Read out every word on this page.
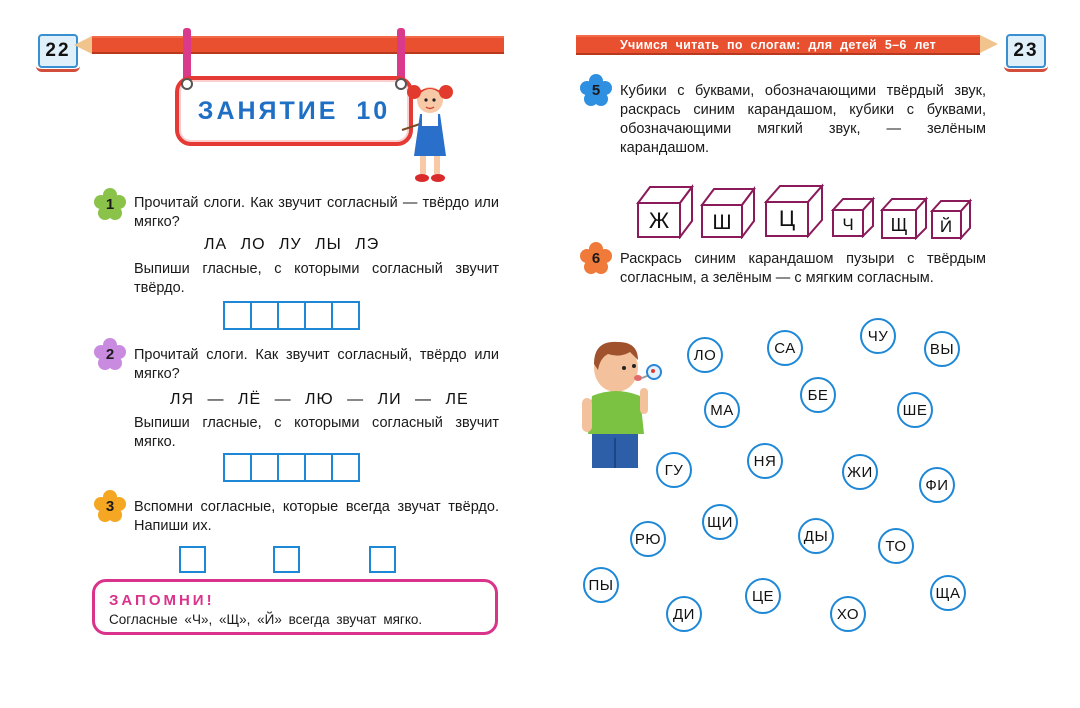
22
ЗАНЯТИЕ 10
1	Прочитай слоги. Как звучит согласный — твёрдо или мягко?
ЛА ЛО ЛУ ЛЫ ЛЭ
Выпиши гласные, с которыми согласный звучит твёрдо.
2	Прочитай слоги. Как звучит согласный, твёрдо или мягко?
ЛЯ — ЛЁ — ЛЮ — ЛИ — ЛЕ
Выпиши гласные, с которыми согласный звучит мягко.
3	Вспомни согласные, которые всегда звучат твёрдо. Напиши их.
ЗАПОМНИ!
Согласные «Ч», «Щ», «Й» всегда звучат мягко.
Учимся читать по слогам: для детей 5–6 лет	23
5	Кубики с буквами, обозначающими твёрдый звук, раскрась синим карандашом, кубики с буквами, обозначающими мягкий звук, — зелёным карандашом.
Ж Ш Ц	Ч Щ Й
6	Раскрась синим карандашом пузыри с твёрдым согласным, а зелёным — с мягким согласным.
ЛО	СА
ЧУ
ВЫ
БЕ
МА	ШЕ
НЯ
ГУ	ЖИ
ФИ
ЩИ
ДЫ
РЮ	ТО
ПЫ
ЦЕ	ЩА
ДИ	ХО
